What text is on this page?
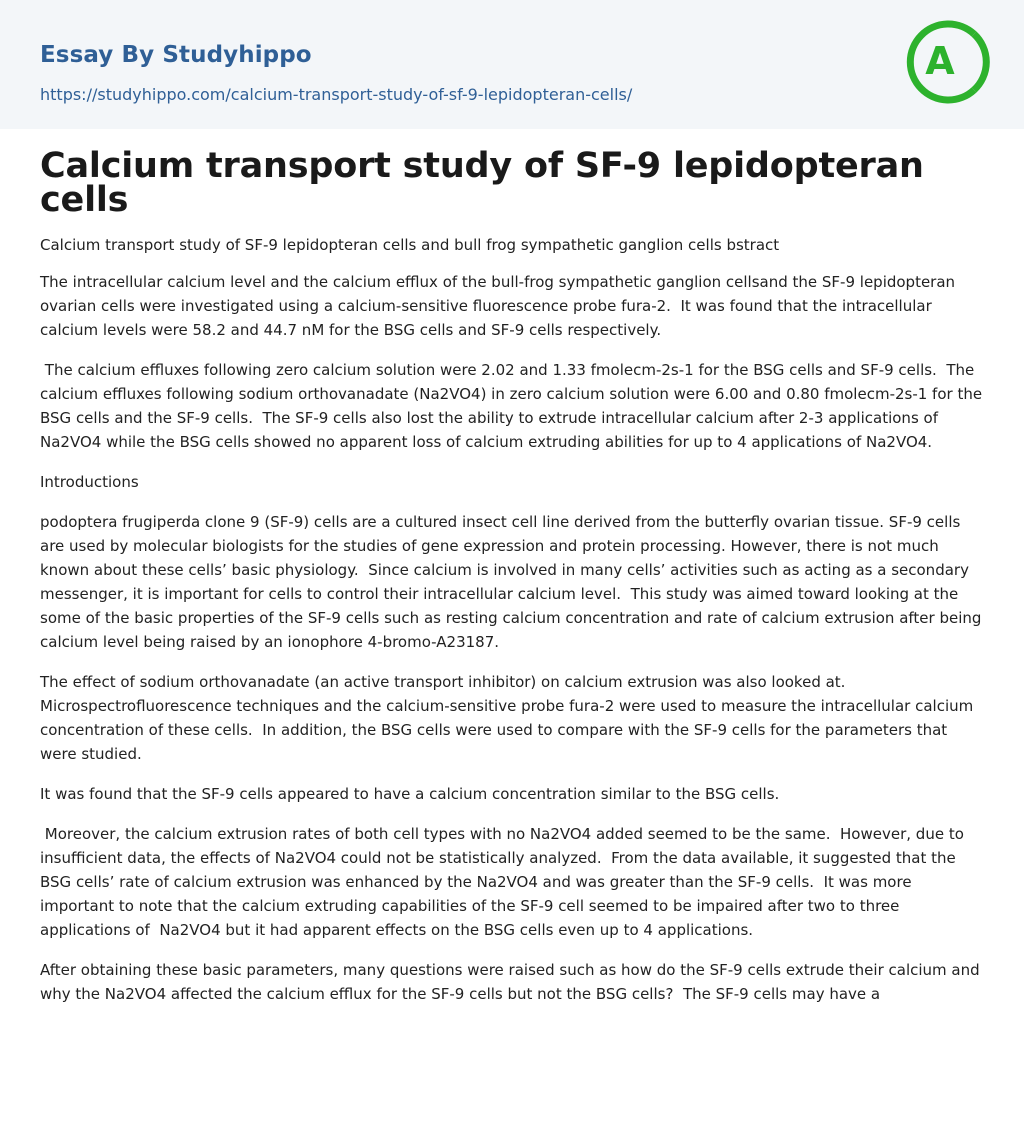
Essay By Studyhippo
https://studyhippo.com/calcium-transport-study-of-sf-9-lepidopteran-cells/
A
Calcium transport study of SF-9 lepidopteran cells

Calcium transport study of SF-9 lepidopteran cells and bull frog sympathetic ganglion cells bstract

The intracellular calcium level and the calcium efflux of the bull-frog sympathetic ganglion cellsand the SF-9 lepidopteran ovarian cells were investigated using a calcium-sensitive fluorescence probe fura-2.  It was found that the intracellular calcium levels were 58.2 and 44.7 nM for the BSG cells and SF-9 cells respectively.

The calcium effluxes following zero calcium solution were 2.02 and 1.33 fmolecm-2s-1 for the BSG cells and SF-9 cells.  The calcium effluxes following sodium orthovanadate (Na2VO4) in zero calcium solution were 6.00 and 0.80 fmolecm-2s-1 for the BSG cells and the SF-9 cells.  The SF-9 cells also lost the ability to extrude intracellular calcium after 2-3 applications of Na2VO4 while the BSG cells showed no apparent loss of calcium extruding abilities for up to 4 applications of Na2VO4.

Introductions

podoptera frugiperda clone 9 (SF-9) cells are a cultured insect cell line derived from the butterfly ovarian tissue. SF-9 cells are used by molecular biologists for the studies of gene expression and protein processing. However, there is not much known about these cells’ basic physiology.  Since calcium is involved in many cells’ activities such as acting as a secondary messenger, it is important for cells to control their intracellular calcium level.  This study was aimed toward looking at the some of the basic properties of the SF-9 cells such as resting calcium concentration and rate of calcium extrusion after being calcium level being raised by an ionophore 4-bromo-A23187.

The effect of sodium orthovanadate (an active transport inhibitor) on calcium extrusion was also looked at.  Microspectrofluorescence techniques and the calcium-sensitive probe fura-2 were used to measure the intracellular calcium concentration of these cells.  In addition, the BSG cells were used to compare with the SF-9 cells for the parameters that were studied.

It was found that the SF-9 cells appeared to have a calcium concentration similar to the BSG cells.

Moreover, the calcium extrusion rates of both cell types with no Na2VO4 added seemed to be the same.  However, due to insufficient data, the effects of Na2VO4 could not be statistically analyzed.  From the data available, it suggested that the BSG cells’ rate of calcium extrusion was enhanced by the Na2VO4 and was greater than the SF-9 cells.  It was more important to note that the calcium extruding capabilities of the SF-9 cell seemed to be impaired after two to three applications of  Na2VO4 but it had apparent effects on the BSG cells even up to 4 applications.

After obtaining these basic parameters, many questions were raised such as how do the SF-9 cells extrude their calcium and why the Na2VO4 affected the calcium efflux for the SF-9 cells but not the BSG cells?  The SF-9 cells may have a
